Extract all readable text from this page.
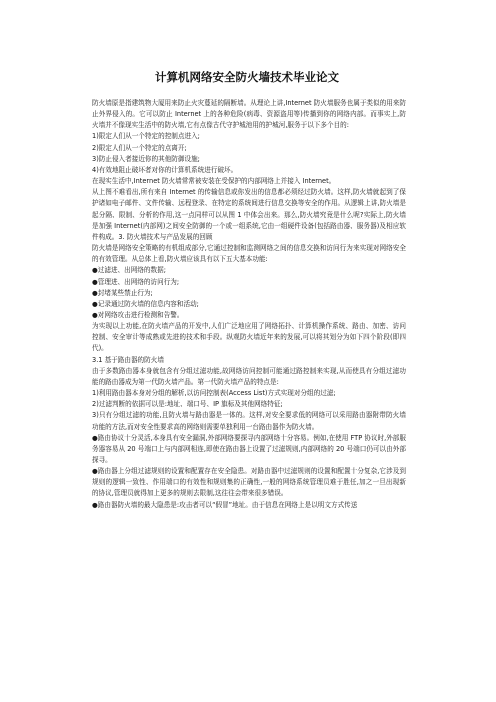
计算机网络安全防火墙技术毕业论文

防火墙原是指建筑物大厦用来防止火灾蔓延的隔断墙。从理论上讲,Internet 防火墙服务也属于类似的用来防止外界侵入的。它可以防止 Internet 上的各种危险(病毒、资源盗用等)传播到你的网络内部。而事实上,防火墙并不像现实生活中的防火墙,它有点像古代守护城池用的护城河,服务于以下多个目的:

1)限定人们从一个特定的控制点进入;

2)限定人们从一个特定的点离开;

3)防止侵入者接近你的其他防御设施;

4)有效地阻止破坏者对你的计算机系统进行破坏。

在现实生活中,Internet 防火墙常常被安装在受保护的内部网络上并接入 Internet。

从上图不难看出,所有来自 Internet 的传输信息或你发出的信息都必须经过防火墙。这样,防火墙就起到了保护诸如电子邮件、文件传输、远程登录、在特定的系统间进行信息交换等安全的作用。从逻辑上讲,防火墙是起分隔、限制、分析的作用,这一点同样可以从图 1 中体会出来。那么,防火墙究竟是什么呢?实际上,防火墙是加强 Internet(内部网)之间安全防御的一个或一组系统,它由一组硬件设备(包括路由器、服务器)及相应软件构成。3. 防火墙技术与产品发展的回顾

防火墙是网络安全策略的有机组成部分,它通过控制和监测网络之间的信息交换和访问行为来实现对网络安全的有效管理。从总体上看,防火墙应该具有以下五大基本功能:

●过滤进、出网络的数据;

●管理进、出网络的访问行为;

●封堵某些禁止行为;

●记录通过防火墙的信息内容和活动;

●对网络攻击进行检测和告警。

为实现以上功能,在防火墙产品的开发中,人们广泛地应用了网络拓扑、计算机操作系统、路由、加密、访问控制、安全审计等成熟或先进的技术和手段。纵观防火墙近年来的发展,可以将其划分为如下四个阶段(即四代)。

3.1 基于路由器的防火墙

由于多数路由器本身就包含有分组过滤功能,故网络访问控制可能通过路控制来实现,从而使具有分组过滤功能的路由器成为第一代防火墙产品。第一代防火墙产品的特点是:

1)利用路由器本身对分组的解析,以访问控制表(Access List)方式实现对分组的过滤;

2)过滤判断的依据可以是:地址、端口号、IP 旗标及其他网络特征;

3)只有分组过滤的功能,且防火墙与路由器是一体的。这样,对安全要求低的网络可以采用路由器附带防火墙功能的方法,而对安全性要求高的网络则需要单独利用一台路由器作为防火墙。

●路由协议十分灵活,本身具有安全漏洞,外部网络要探寻内部网络十分容易。例如,在使用 FTP 协议时,外部服务器容易从 20 号端口上与内部网相连,即使在路由器上设置了过滤规则,内部网络的 20 号端口仍可以由外部探寻。

●路由器上分组过滤规则的设置和配置存在安全隐患。对路由器中过滤规则的设置和配置十分复杂,它涉及到规则的逻辑一致性、作用端口的有效性和规则集的正确性,一般的网络系统管理员难于胜任,加之一旦出现新的协议,管理员就得加上更多的规则去限制,这往往会带来很多错误。

●路由器防火墙的最大隐患是:攻击者可以“假冒”地址。由于信息在网络上是以明文方式传送
